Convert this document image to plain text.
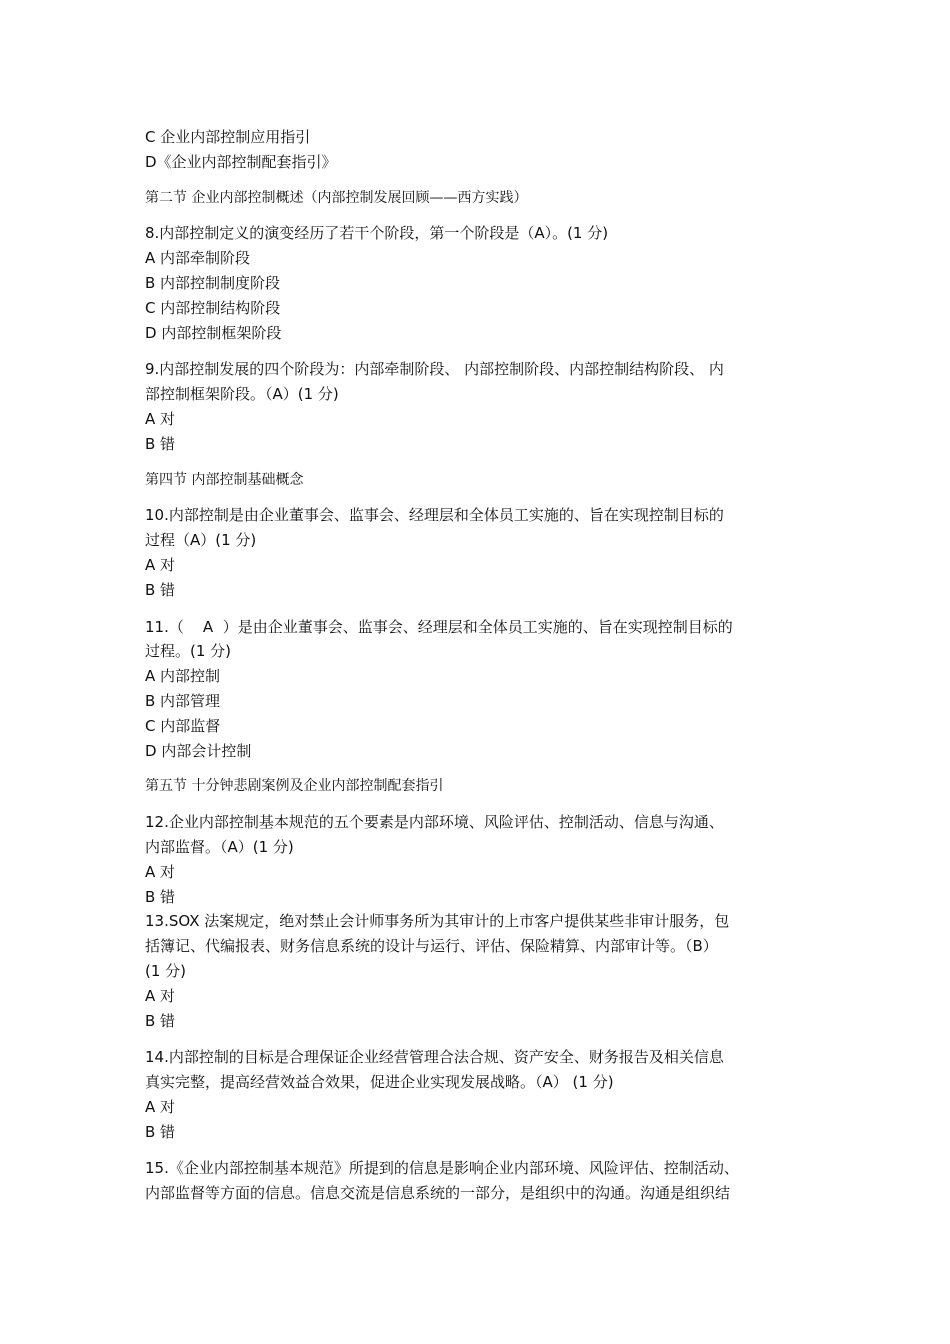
C 企业内部控制应用指引
D《企业内部控制配套指引》
第二节 企业内部控制概述（内部控制发展回顾——西方实践）
8.内部控制定义的演变经历了若干个阶段，第一个阶段是（A）。(1 分)
A 内部牵制阶段
B 内部控制制度阶段
C 内部控制结构阶段
D 内部控制框架阶段
9.内部控制发展的四个阶段为：内部牵制阶段、 内部控制阶段、内部控制结构阶段、 内
部控制框架阶段。（A）(1 分)
A 对
B 错
第四节 内部控制基础概念
10.内部控制是由企业董事会、监事会、经理层和全体员工实施的、旨在实现控制目标的
过程（A）(1 分)
A 对
B 错
11.（    A  ）是由企业董事会、监事会、经理层和全体员工实施的、旨在实现控制目标的
过程。(1 分)
A 内部控制
B 内部管理
C 内部监督
D 内部会计控制
第五节 十分钟悲剧案例及企业内部控制配套指引
12.企业内部控制基本规范的五个要素是内部环境、风险评估、控制活动、信息与沟通、
内部监督。（A）(1 分)
A 对
B 错
13.SOX 法案规定，绝对禁止会计师事务所为其审计的上市客户提供某些非审计服务，包
括簿记、代编报表、财务信息系统的设计与运行、评估、保险精算、内部审计等。（B）
(1 分)
A 对
B 错
14.内部控制的目标是合理保证企业经营管理合法合规、资产安全、财务报告及相关信息
真实完整，提高经营效益合效果，促进企业实现发展战略。（A） (1 分)
A 对
B 错
15.《企业内部控制基本规范》所提到的信息是影响企业内部环境、风险评估、控制活动、
内部监督等方面的信息。信息交流是信息系统的一部分，是组织中的沟通。沟通是组织结
